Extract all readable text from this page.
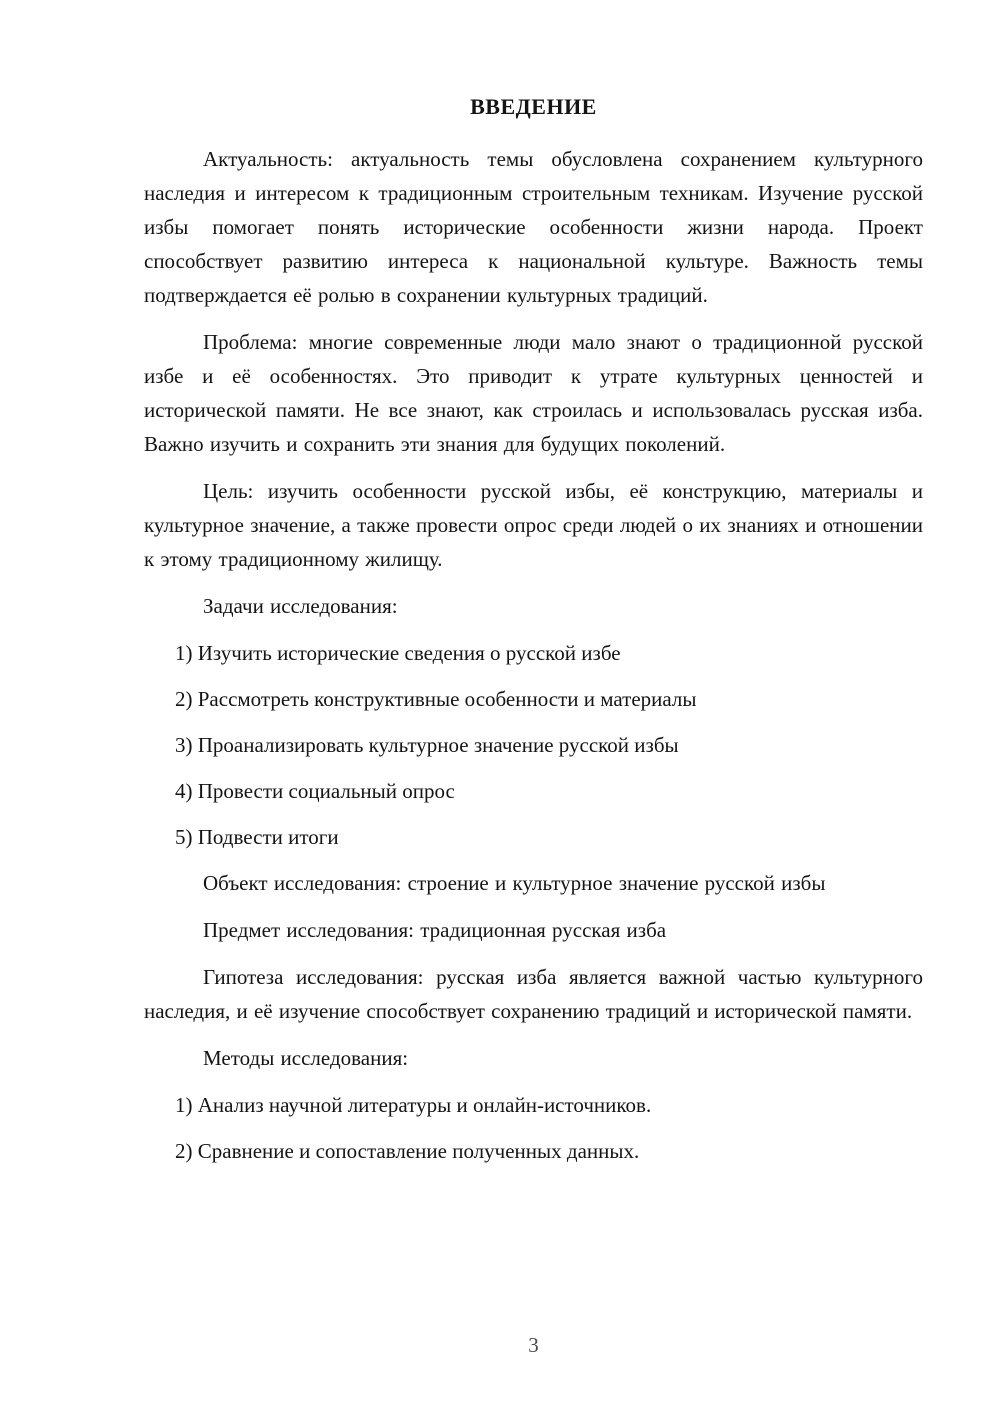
ВВЕДЕНИЕ

Актуальность: актуальность темы обусловлена сохранением культурного наследия и интересом к традиционным строительным техникам. Изучение русской избы помогает понять исторические особенности жизни народа. Проект способствует развитию интереса к национальной культуре. Важность темы подтверждается её ролью в сохранении культурных традиций.

Проблема: многие современные люди мало знают о традиционной русской избе и её особенностях. Это приводит к утрате культурных ценностей и исторической памяти. Не все знают, как строилась и использовалась русская изба. Важно изучить и сохранить эти знания для будущих поколений.

Цель: изучить особенности русской избы, её конструкцию, материалы и культурное значение, а также провести опрос среди людей о их знаниях и отношении к этому традиционному жилищу.

Задачи исследования:

1) Изучить исторические сведения о русской избе

2) Рассмотреть конструктивные особенности и материалы

3) Проанализировать культурное значение русской избы

4) Провести социальный опрос

5) Подвести итоги

Объект исследования: строение и культурное значение русской избы

Предмет исследования: традиционная русская изба

Гипотеза исследования: русская изба является важной частью культурного наследия, и её изучение способствует сохранению традиций и исторической памяти.

Методы исследования:

1) Анализ научной литературы и онлайн-источников.

2) Сравнение и сопоставление полученных данных.

3
